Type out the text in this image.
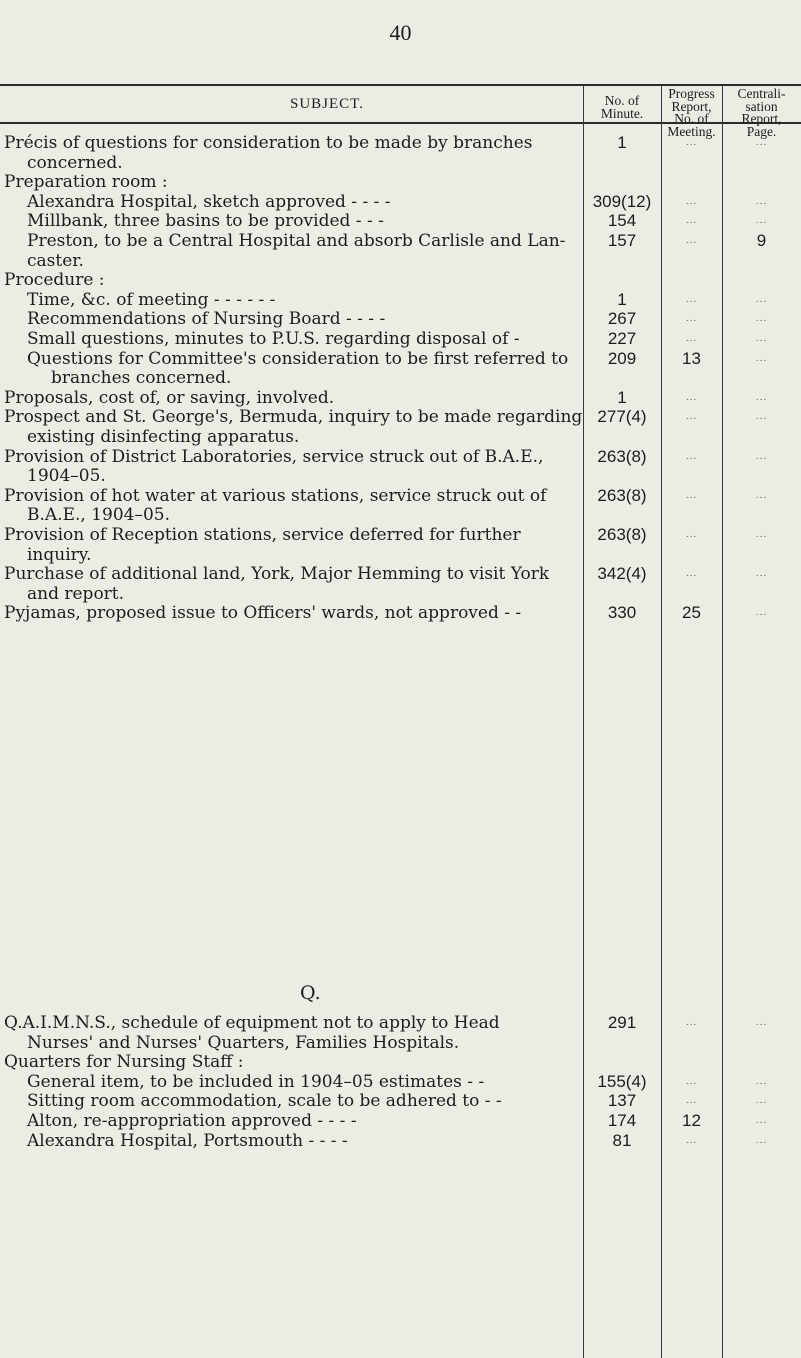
40
SUBJECT.	No. of
Minute.
Progress
Report,
No. of
Meeting.
Centrali-
sation
Report,
Page.
Précis of questions for consideration to be made by branches	1	...	...
concerned.
Preparation room :
Alexandra Hospital, sketch approved - - - -	309(12)	...	...
Millbank, three basins to be provided - - -	154	...	...
Preston, to be a Central Hospital and absorb Carlisle and Lan-	157	...	9
caster.
Procedure :
Time, &c. of meeting - - - - - -	1	...	...
Recommendations of Nursing Board - - - -	267	...	...
Small questions, minutes to P.U.S. regarding disposal of -	227	...	...
Questions for Committee's consideration to be first referred to	209	13	...
branches concerned.
Proposals, cost of, or saving, involved.	1	...	...
Prospect and St. George's, Bermuda, inquiry to be made regarding 277(4)	...	...
existing disinfecting apparatus.
Provision of District Laboratories, service struck out of B.A.E.,	263(8)	...	...
1904–05.
Provision of hot water at various stations, service struck out of	263(8)	...	...
B.A.E., 1904–05.
Provision of Reception stations, service deferred for further	263(8)	...	...
inquiry.
Purchase of additional land, York, Major Hemming to visit York	342(4)	...	...
and report.
Pyjamas, proposed issue to Officers' wards, not approved - -	330	25	...
Q.
Q.A.I.M.N.S., schedule of equipment not to apply to Head	291	...	...
Nurses' and Nurses' Quarters, Families Hospitals.
Quarters for Nursing Staff :
General item, to be included in 1904–05 estimates - -	155(4)	...	...
Sitting room accommodation, scale to be adhered to - -	137	...	...
Alton, re-appropriation approved - - - -	174	12	...
Alexandra Hospital, Portsmouth - - - -	81	...	...
